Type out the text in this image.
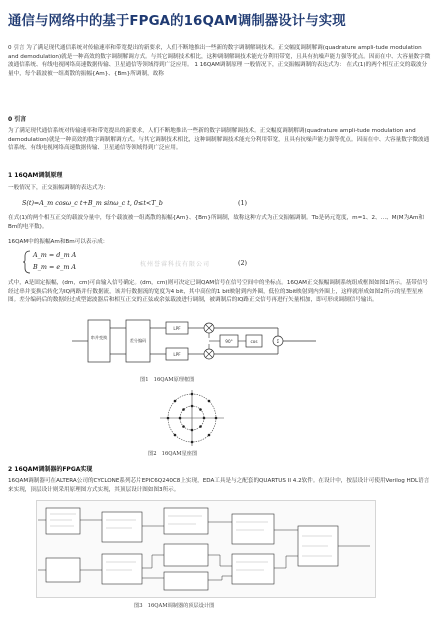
通信与网络中的基于FPGA的16QAM调制器设计与实现
0 引言 为了满足现代通信系统对传输速率和带宽提出的新要求，人们不断地推出一些新的数字调制解调技术。正交幅度调制解调(quadrature ampli-tude modulation and demodulation)就是一种高效的数字调制解调方式。与其它调制技术相比，这种调制解调技术能充分利用带宽，且具有抗噪声能力强等优点。因而在中、大容量数字微波通信系统、有线电视网络高速数据传输、卫星通信等领域得到广泛应用。 1 16QAM调制原理 一般情况下，正交振幅调制的表达式为： 在式(1)的两个相互正交的载波分量中，每个载波被一组离散的振幅{Am}、{Bm}所调制，故称
0 引言
为了满足现代通信系统对传输速率和带宽提出的新要求，人们不断地推出一些新的数字调制解调技术。正交幅度调制解调(quadrature ampli-tude modulation and demodulation)就是一种高效的数字调制解调方式。与其它调制技术相比，这种调制解调技术能充分利用带宽，且具有抗噪声能力强等优点。因而在中、大容量数字微波通信系统、有线电视网络高速数据传输、卫星通信等领域得到广泛应用。
1 16QAM调制原理
一般情况下，正交振幅调制的表达式为：
S(t)=A_m cosω_c t+B_m sinω_c t, 0≤t<T_b	(1)
在式(1)的两个相互正交的载波分量中，每个载波被一组离散的振幅{Am}、{Bm}所调制，故称这种方式为正交振幅调制。Tb是码元宽度，m=1、2、…、M(M为Am和Bm的电平数)。
16QAM中的振幅Am和Bm可以表示成：
A_m = d_m A
B_m = e_m A	杭州誉睿科技有限公司	(2)
式中，A是固定振幅，(dm，cm)可由输入信号确定。(dm，cm)则可决定已调QAM信号在信号空间中的坐标点。16QAM正交振幅调制系统组成框图如图1所示。基带信号经过串并变换后转化为IQ两路并行数据流，该并行数据流的宽度为4 bit，其中高位的1 bit映射到内外圈，低位的3bit映射到内外圈上，这样就形成如图2所示的星型星座图。差分编码后的数据经过成型滤波器后和相互正交的正弦或余弦载波进行调制，被调制后的IQ路正交信号再进行矢量相加，即可形成调制信号输出。
串并变换
差分编码
LPF
LPF
90°	cos	Σ
图1　16QAM原理框图
图2　16QAM星座图
2 16QAM调制器的FPGA实现
16QAM调制器可在ALTERA公司的CYCLONE系列芯片EPIC6Q240C8上实现，EDA工具是与之配套的QUARTUS II 4.2软件。在设计中，按层设计可使用Verilog HDL语言来实现，顶层设计则采用原理图方式实现，其顶层设计图如图3所示。
图3　16QAM调制器的顶层设计图
